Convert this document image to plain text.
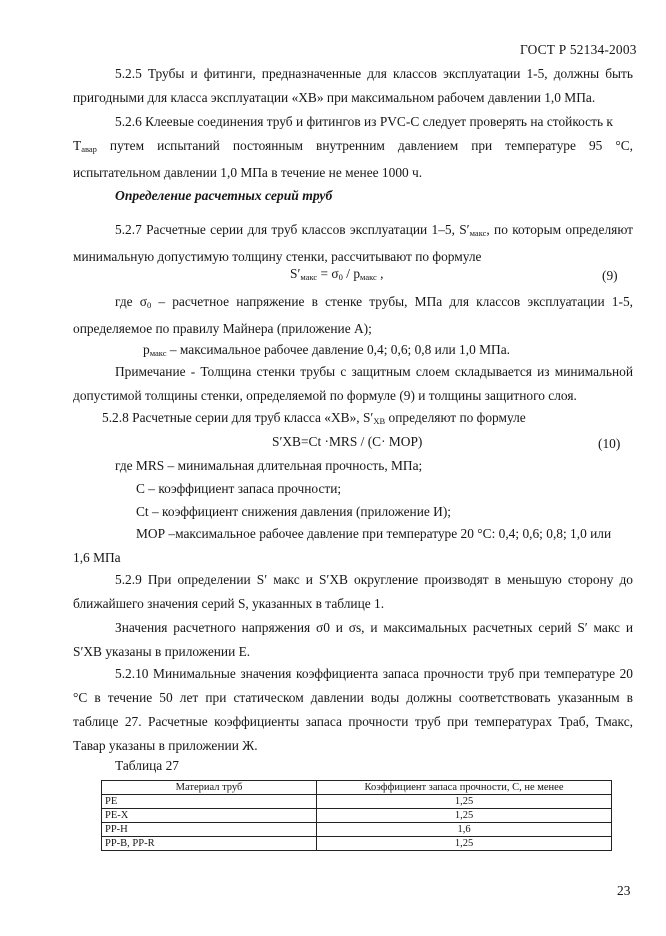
ГОСТ Р 52134-2003

5.2.5 Трубы и фитинги, предназначенные для классов эксплуатации 1-5, должны быть пригодными для класса эксплуатации «ХВ» при максимальном рабочем давлении 1,0 МПа.

5.2.6 Клеевые соединения труб и фитингов из PVC-C следует проверять на стойкость к
$Т_{авар}$ путем испытаний постоянным внутренним давлением при температуре 95 °С, испытательном давлении 1,0 МПа в течение не менее 1000 ч.

Определение расчетных серий труб

5.2.7 Расчетные серии для труб классов эксплуатации 1–5, $S'_{макс}$, по которым определяют минимальную допустимую толщину стенки, рассчитывают по формуле

$S'_{макс} = \sigma_0 / p_{макс}$ ,	(9)

где $\sigma_0$ – расчетное напряжение в стенке трубы, МПа для классов эксплуатации 1-5, определяемое по правилу Майнера (приложение А);

$p_{макс}$ – максимальное рабочее давление 0,4; 0,6; 0,8 или 1,0 МПа.

Примечание - Толщина стенки трубы с защитным слоем складывается из минимальной допустимой толщины стенки, определяемой по формуле (9) и толщины защитного слоя.

5.2.8 Расчетные серии для труб класса «ХВ», $S'_{ХВ}$ определяют по формуле

S′ХВ=Ct ·MRS / (C· MOP)	(10)
где MRS – минимальная длительная прочность, МПа;
С – коэффициент запаса прочности;
Ct – коэффициент снижения давления (приложение И);
МОР –максимальное рабочее давление при температуре 20 °С: 0,4; 0,6; 0,8; 1,0 или
1,6 МПа

5.2.9 При определении S′ макс и S′ХВ округление производят в меньшую сторону до ближайшего значения серий S, указанных в таблице 1.

Значения расчетного напряжения σ0 и σs, и максимальных расчетных серий S′ макс и S′ХВ указаны в приложении Е.

5.2.10 Минимальные значения коэффициента запаса прочности труб при температуре 20 °С в течение 50 лет при статическом давлении воды должны соответствовать указанным в таблице 27. Расчетные коэффициенты запаса прочности труб при температурах Траб, Тмакс, Тавар указаны в приложении Ж.

Таблица 27
Материал труб	Коэффициент запаса прочности, С, не менее
PE	1,25
PE-X	1,25
PP-H	1,6
PP-B, PP-R	1,25
23
